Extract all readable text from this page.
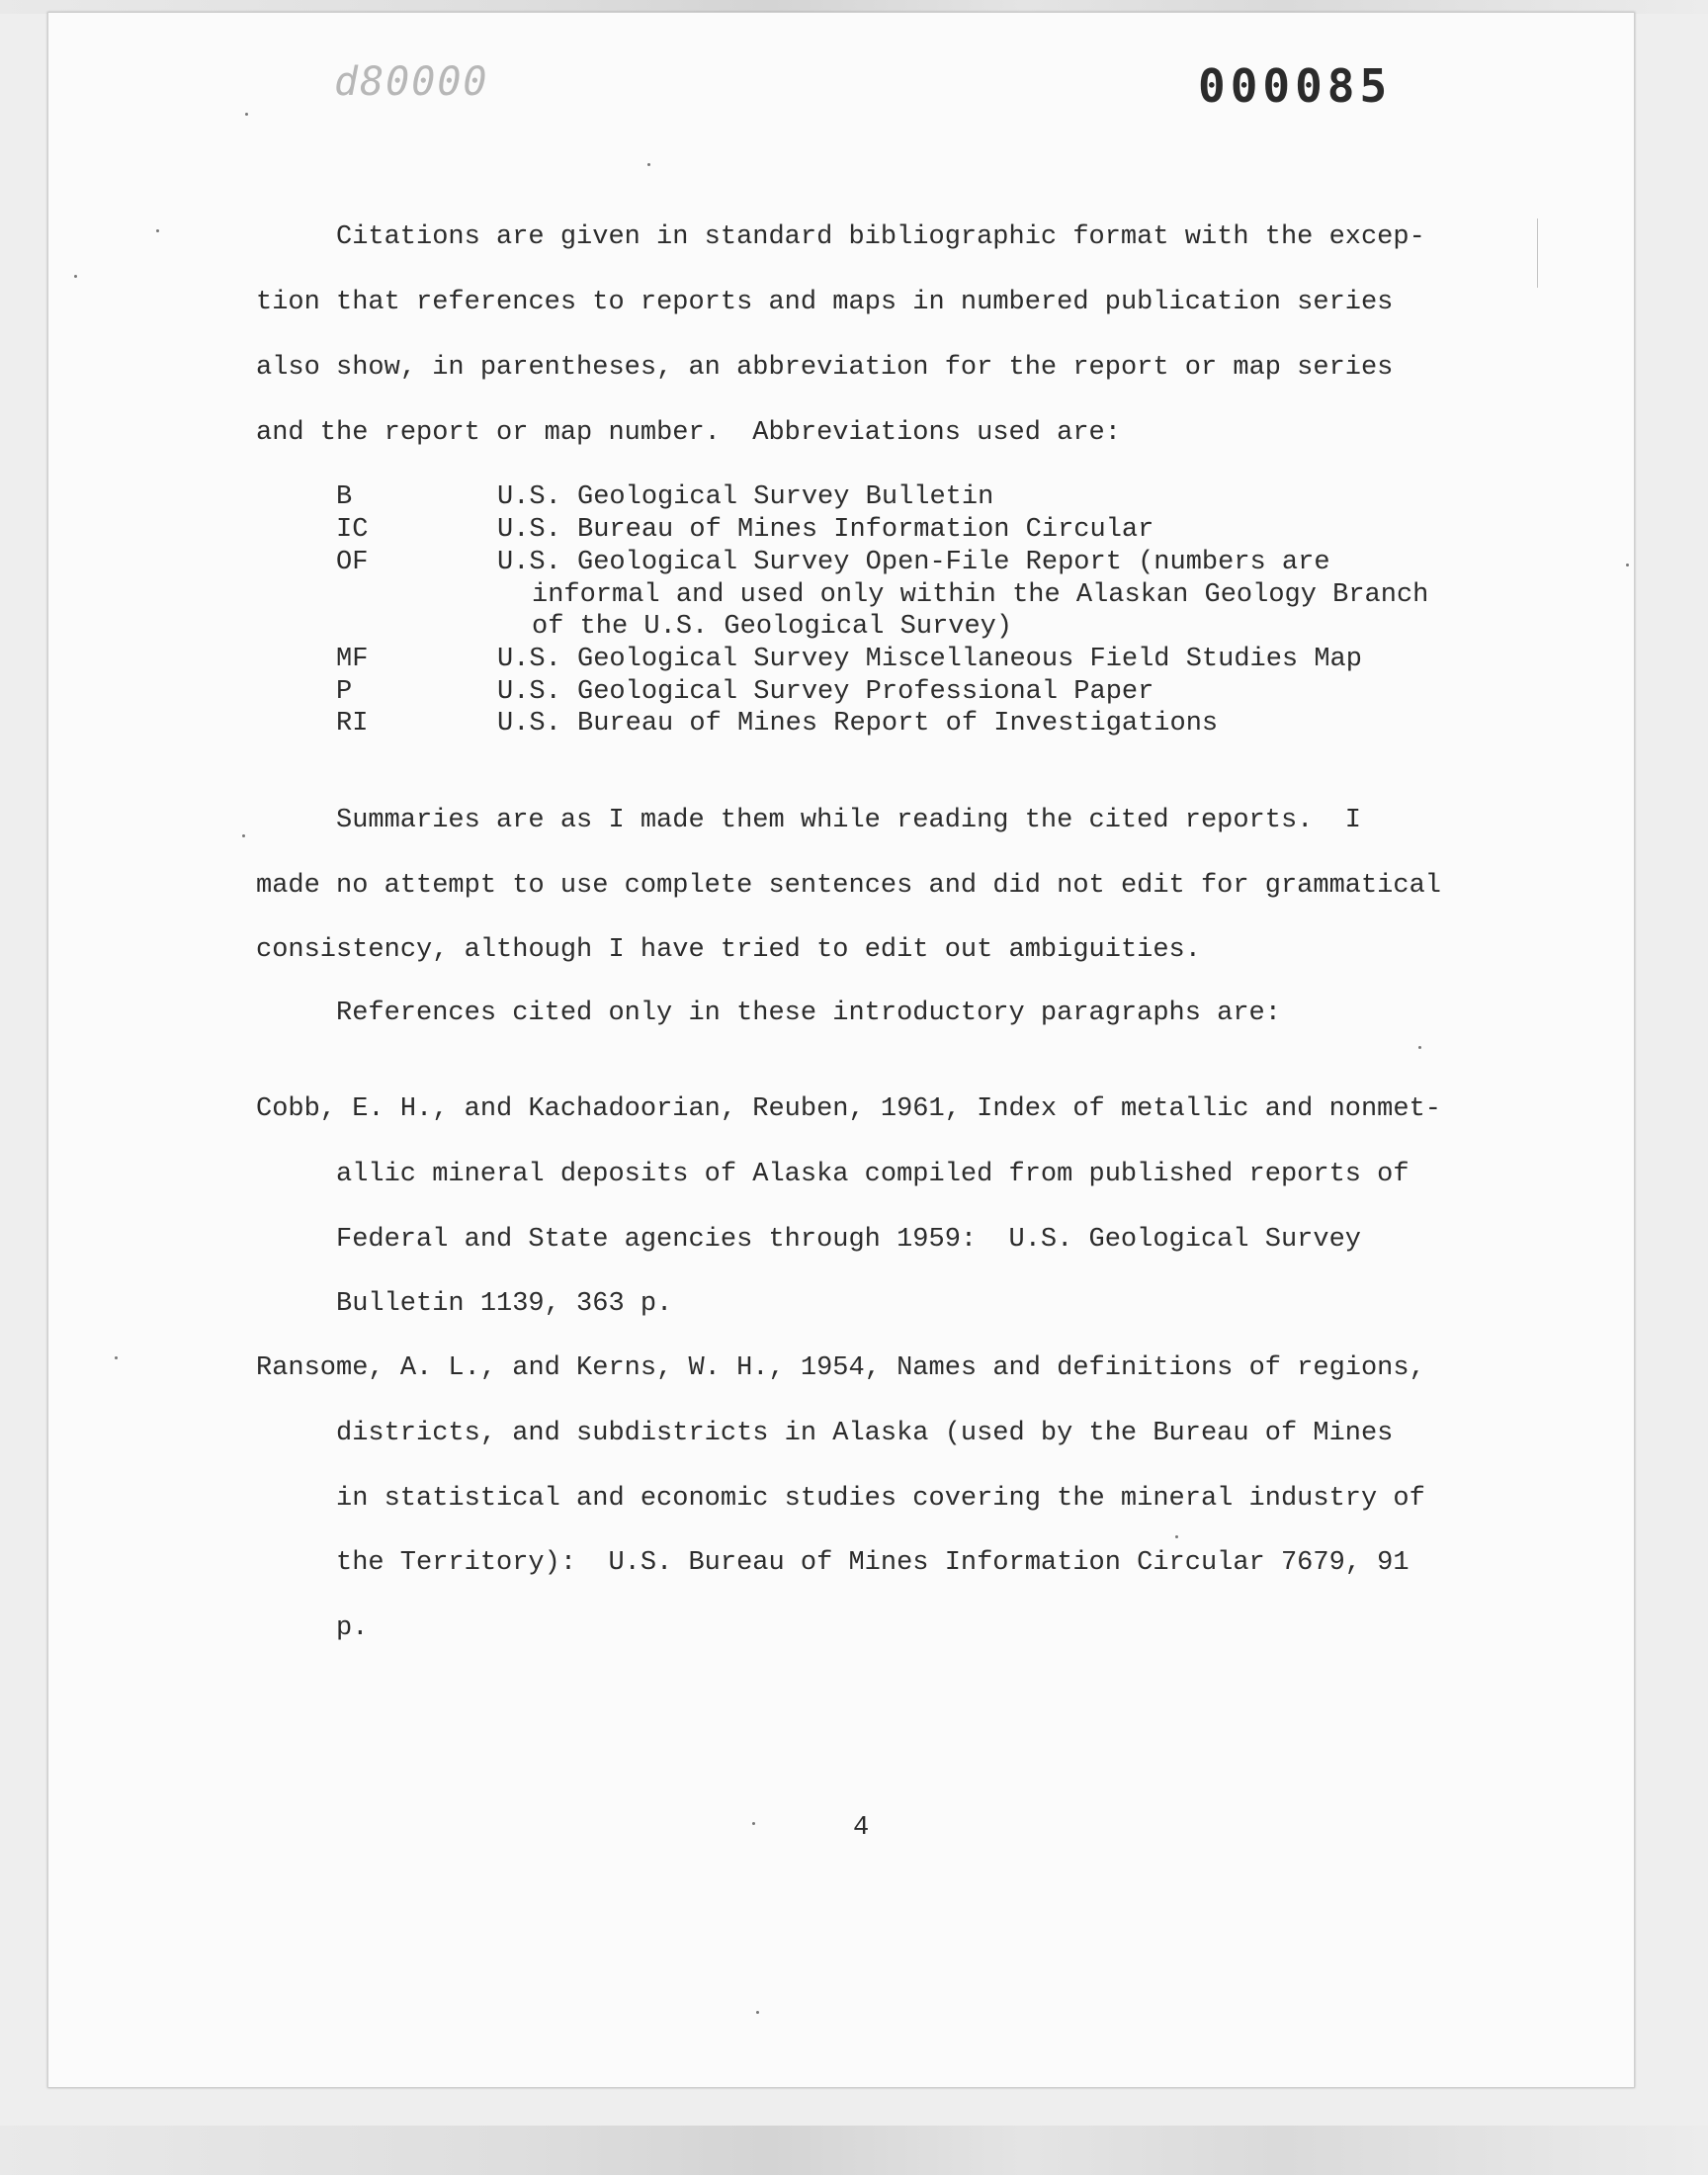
d80000	000085
Citations are given in standard bibliographic format with the excep-
tion that references to reports and maps in numbered publication series
also show, in parentheses, an abbreviation for the report or map series
and the report or map number.  Abbreviations used are:
B	U.S. Geological Survey Bulletin
IC	U.S. Bureau of Mines Information Circular
OF	U.S. Geological Survey Open-File Report (numbers are
informal and used only within the Alaskan Geology Branch
of the U.S. Geological Survey)
MF	U.S. Geological Survey Miscellaneous Field Studies Map
P	U.S. Geological Survey Professional Paper
RI	U.S. Bureau of Mines Report of Investigations
Summaries are as I made them while reading the cited reports.  I
made no attempt to use complete sentences and did not edit for grammatical
consistency, although I have tried to edit out ambiguities.
References cited only in these introductory paragraphs are:
Cobb, E. H., and Kachadoorian, Reuben, 1961, Index of metallic and nonmet-
allic mineral deposits of Alaska compiled from published reports of
Federal and State agencies through 1959:  U.S. Geological Survey
Bulletin 1139, 363 p.
Ransome, A. L., and Kerns, W. H., 1954, Names and definitions of regions,
districts, and subdistricts in Alaska (used by the Bureau of Mines
in statistical and economic studies covering the mineral industry of
the Territory):  U.S. Bureau of Mines Information Circular 7679, 91
p.
4
